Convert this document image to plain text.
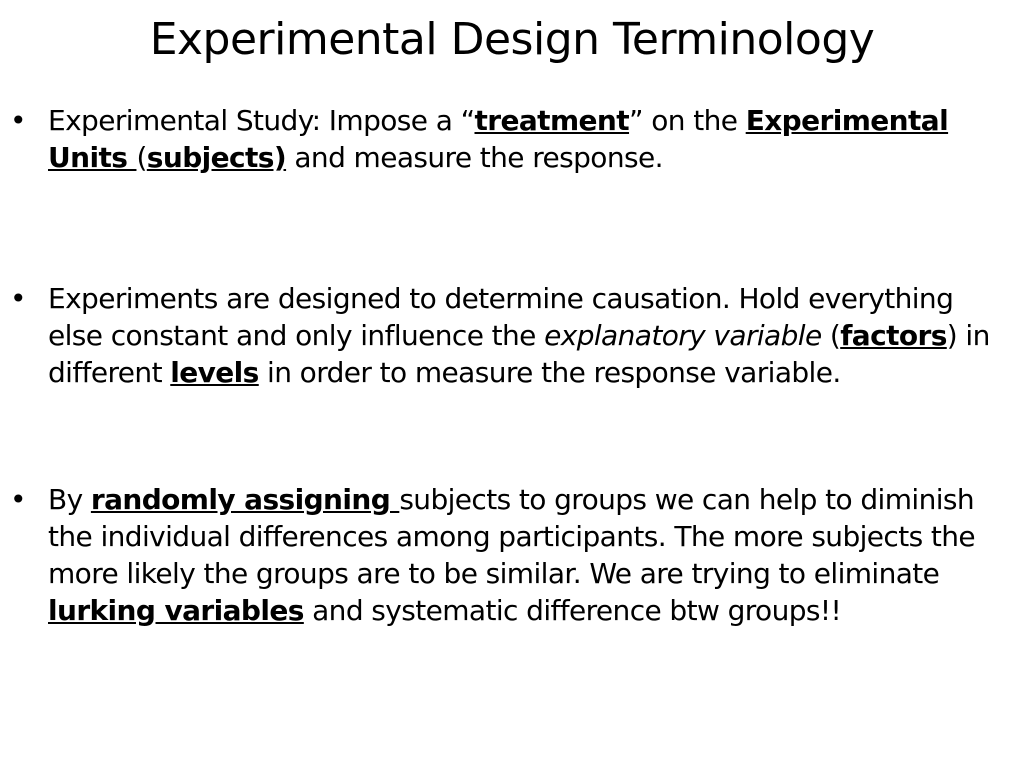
Experimental Design Terminology
• Experimental Study: Impose a “treatment” on the Experimental Units (subjects) and measure the response.
• Experiments are designed to determine causation. Hold everything else constant and only influence the explanatory variable (factors) in different levels in order to measure the response variable.
• By randomly assigning subjects to groups we can help to diminish the individual differences among participants. The more subjects the more likely the groups are to be similar. We are trying to eliminate lurking variables and systematic difference btw groups!!
